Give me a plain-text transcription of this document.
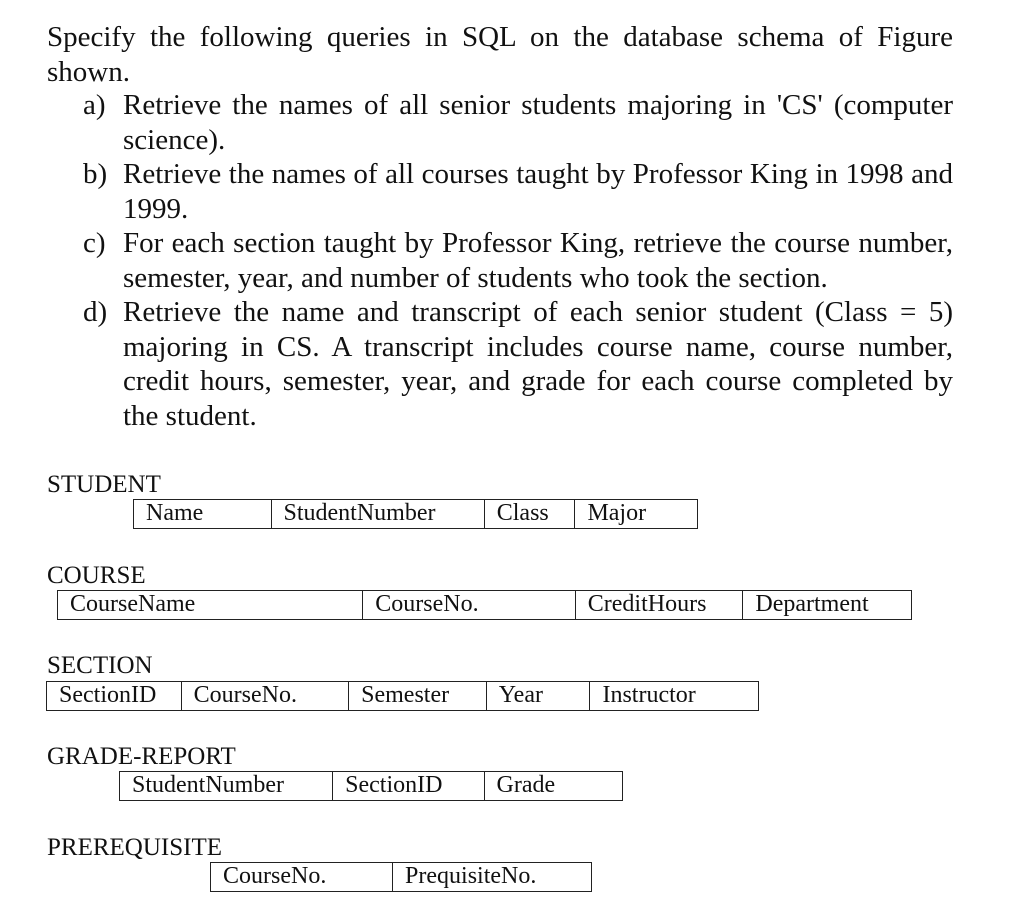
Specify the following queries in SQL on the database schema of Figure shown.

a) Retrieve the names of all senior students majoring in 'CS' (computer science).
b) Retrieve the names of all courses taught by Professor King in 1998 and 1999.
c) For each section taught by Professor King, retrieve the course number, semester, year, and number of students who took the section.
d) Retrieve the name and transcript of each senior student (Class = 5) majoring in CS. A transcript includes course name, course number, credit hours, semester, year, and grade for each course completed by the student.

STUDENT

Name	StudentNumber	Class	Major

COURSE

CourseName	CourseNo.	CreditHours	Department

SECTION

SectionID	CourseNo.	Semester	Year	Instructor

GRADE-REPORT

StudentNumber	SectionID	Grade

PREREQUISITE

CourseNo.	PrequisiteNo.
